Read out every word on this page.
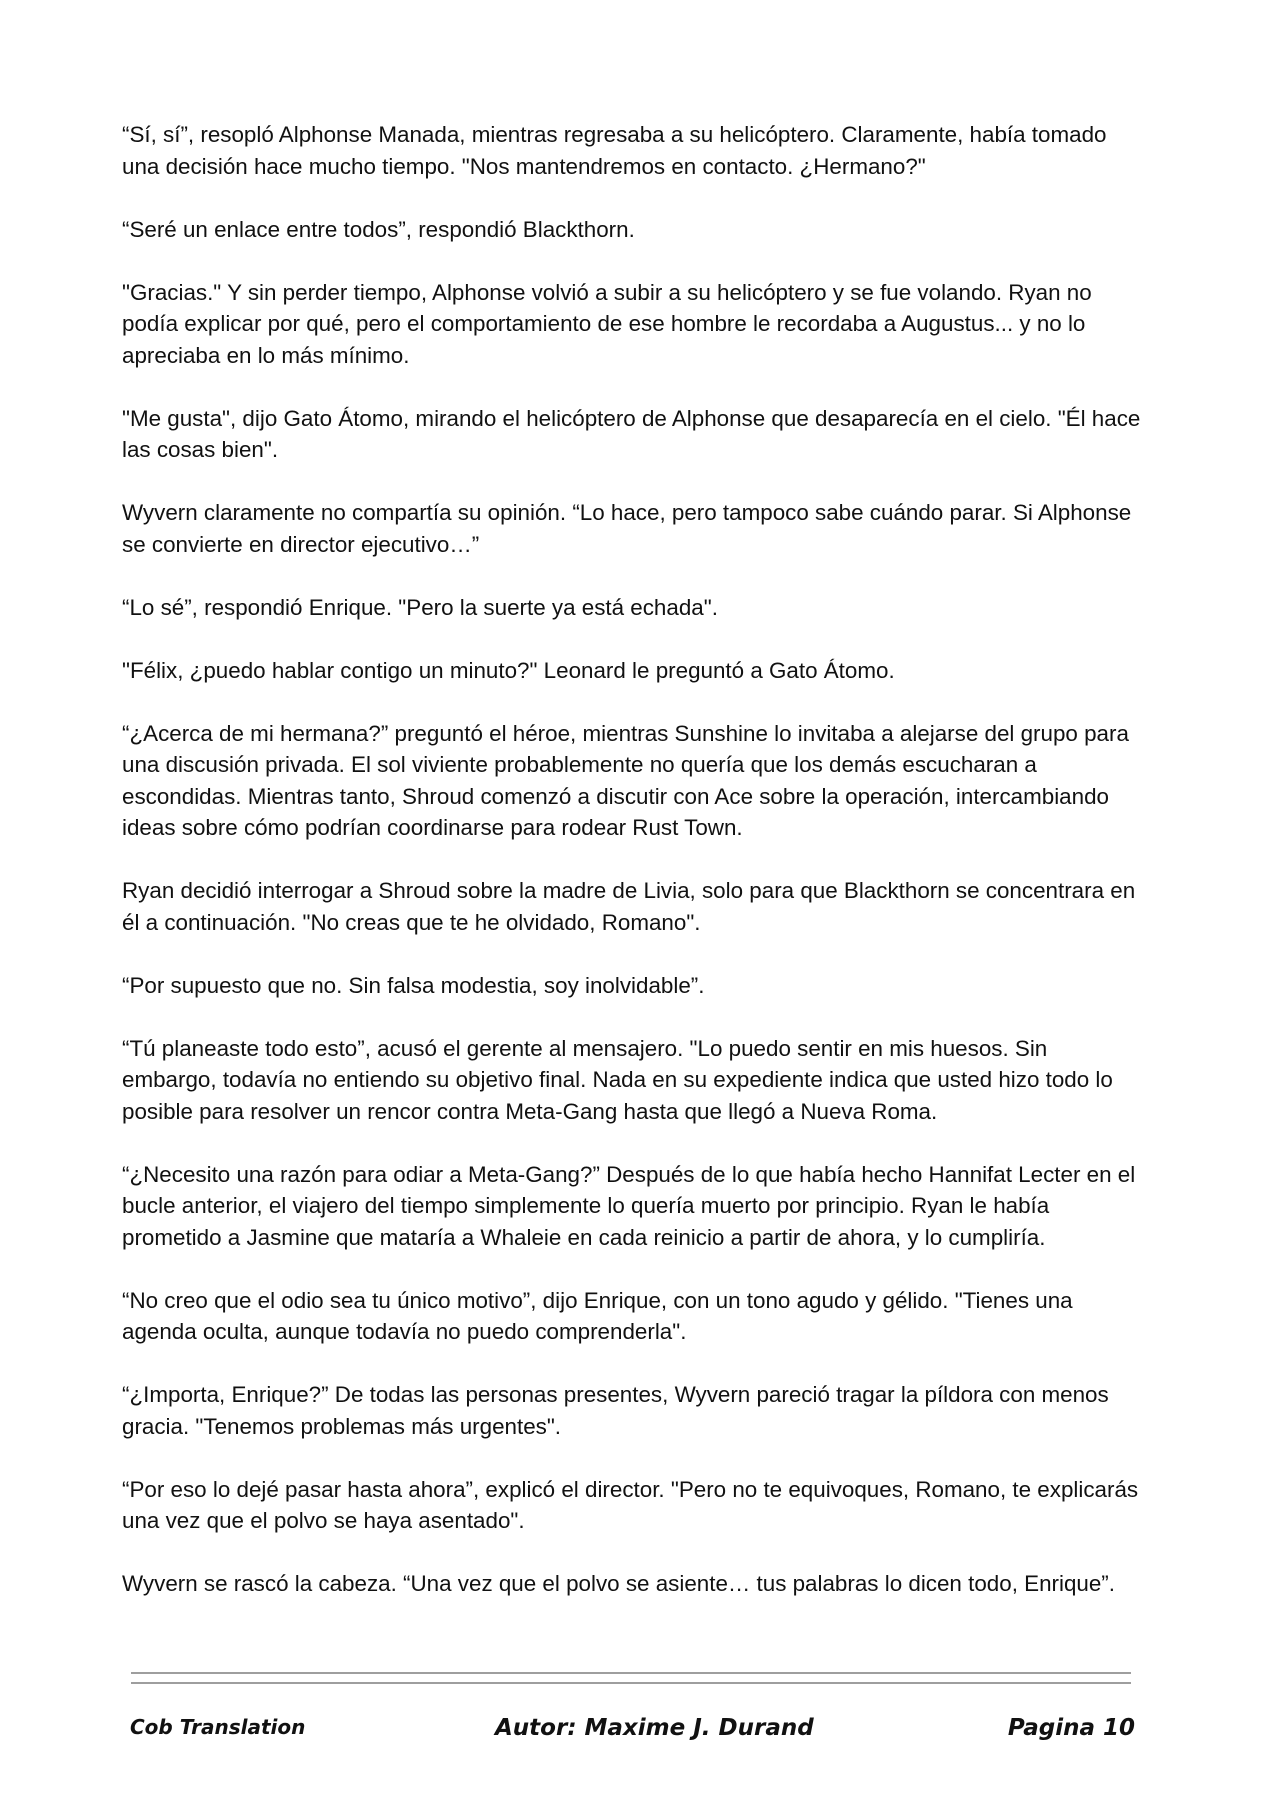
“Sí, sí”, resopló Alphonse Manada, mientras regresaba a su helicóptero. Claramente, había tomado una decisión hace mucho tiempo. "Nos mantendremos en contacto. ¿Hermano?"

“Seré un enlace entre todos”, respondió Blackthorn.

"Gracias." Y sin perder tiempo, Alphonse volvió a subir a su helicóptero y se fue volando. Ryan no podía explicar por qué, pero el comportamiento de ese hombre le recordaba a Augustus... y no lo apreciaba en lo más mínimo.

"Me gusta", dijo Gato Átomo, mirando el helicóptero de Alphonse que desaparecía en el cielo. "Él hace las cosas bien".

Wyvern claramente no compartía su opinión. “Lo hace, pero tampoco sabe cuándo parar. Si Alphonse se convierte en director ejecutivo…”

“Lo sé”, respondió Enrique. "Pero la suerte ya está echada".

"Félix, ¿puedo hablar contigo un minuto?" Leonard le preguntó a Gato Átomo.

“¿Acerca de mi hermana?” preguntó el héroe, mientras Sunshine lo invitaba a alejarse del grupo para una discusión privada. El sol viviente probablemente no quería que los demás escucharan a escondidas. Mientras tanto, Shroud comenzó a discutir con Ace sobre la operación, intercambiando ideas sobre cómo podrían coordinarse para rodear Rust Town.

Ryan decidió interrogar a Shroud sobre la madre de Livia, solo para que Blackthorn se concentrara en él a continuación. "No creas que te he olvidado, Romano".

“Por supuesto que no. Sin falsa modestia, soy inolvidable”.

“Tú planeaste todo esto”, acusó el gerente al mensajero. "Lo puedo sentir en mis huesos. Sin embargo, todavía no entiendo su objetivo final. Nada en su expediente indica que usted hizo todo lo posible para resolver un rencor contra Meta-Gang hasta que llegó a Nueva Roma.

“¿Necesito una razón para odiar a Meta-Gang?” Después de lo que había hecho Hannifat Lecter en el bucle anterior, el viajero del tiempo simplemente lo quería muerto por principio. Ryan le había prometido a Jasmine que mataría a Whaleie en cada reinicio a partir de ahora, y lo cumpliría.

“No creo que el odio sea tu único motivo”, dijo Enrique, con un tono agudo y gélido. "Tienes una agenda oculta, aunque todavía no puedo comprenderla".

“¿Importa, Enrique?” De todas las personas presentes, Wyvern pareció tragar la píldora con menos gracia. "Tenemos problemas más urgentes".

“Por eso lo dejé pasar hasta ahora”, explicó el director. "Pero no te equivoques, Romano, te explicarás una vez que el polvo se haya asentado".

Wyvern se rascó la cabeza. “Una vez que el polvo se asiente… tus palabras lo dicen todo, Enrique”.

Cob Translation	Autor: Maxime J. Durand	Pagina 10
